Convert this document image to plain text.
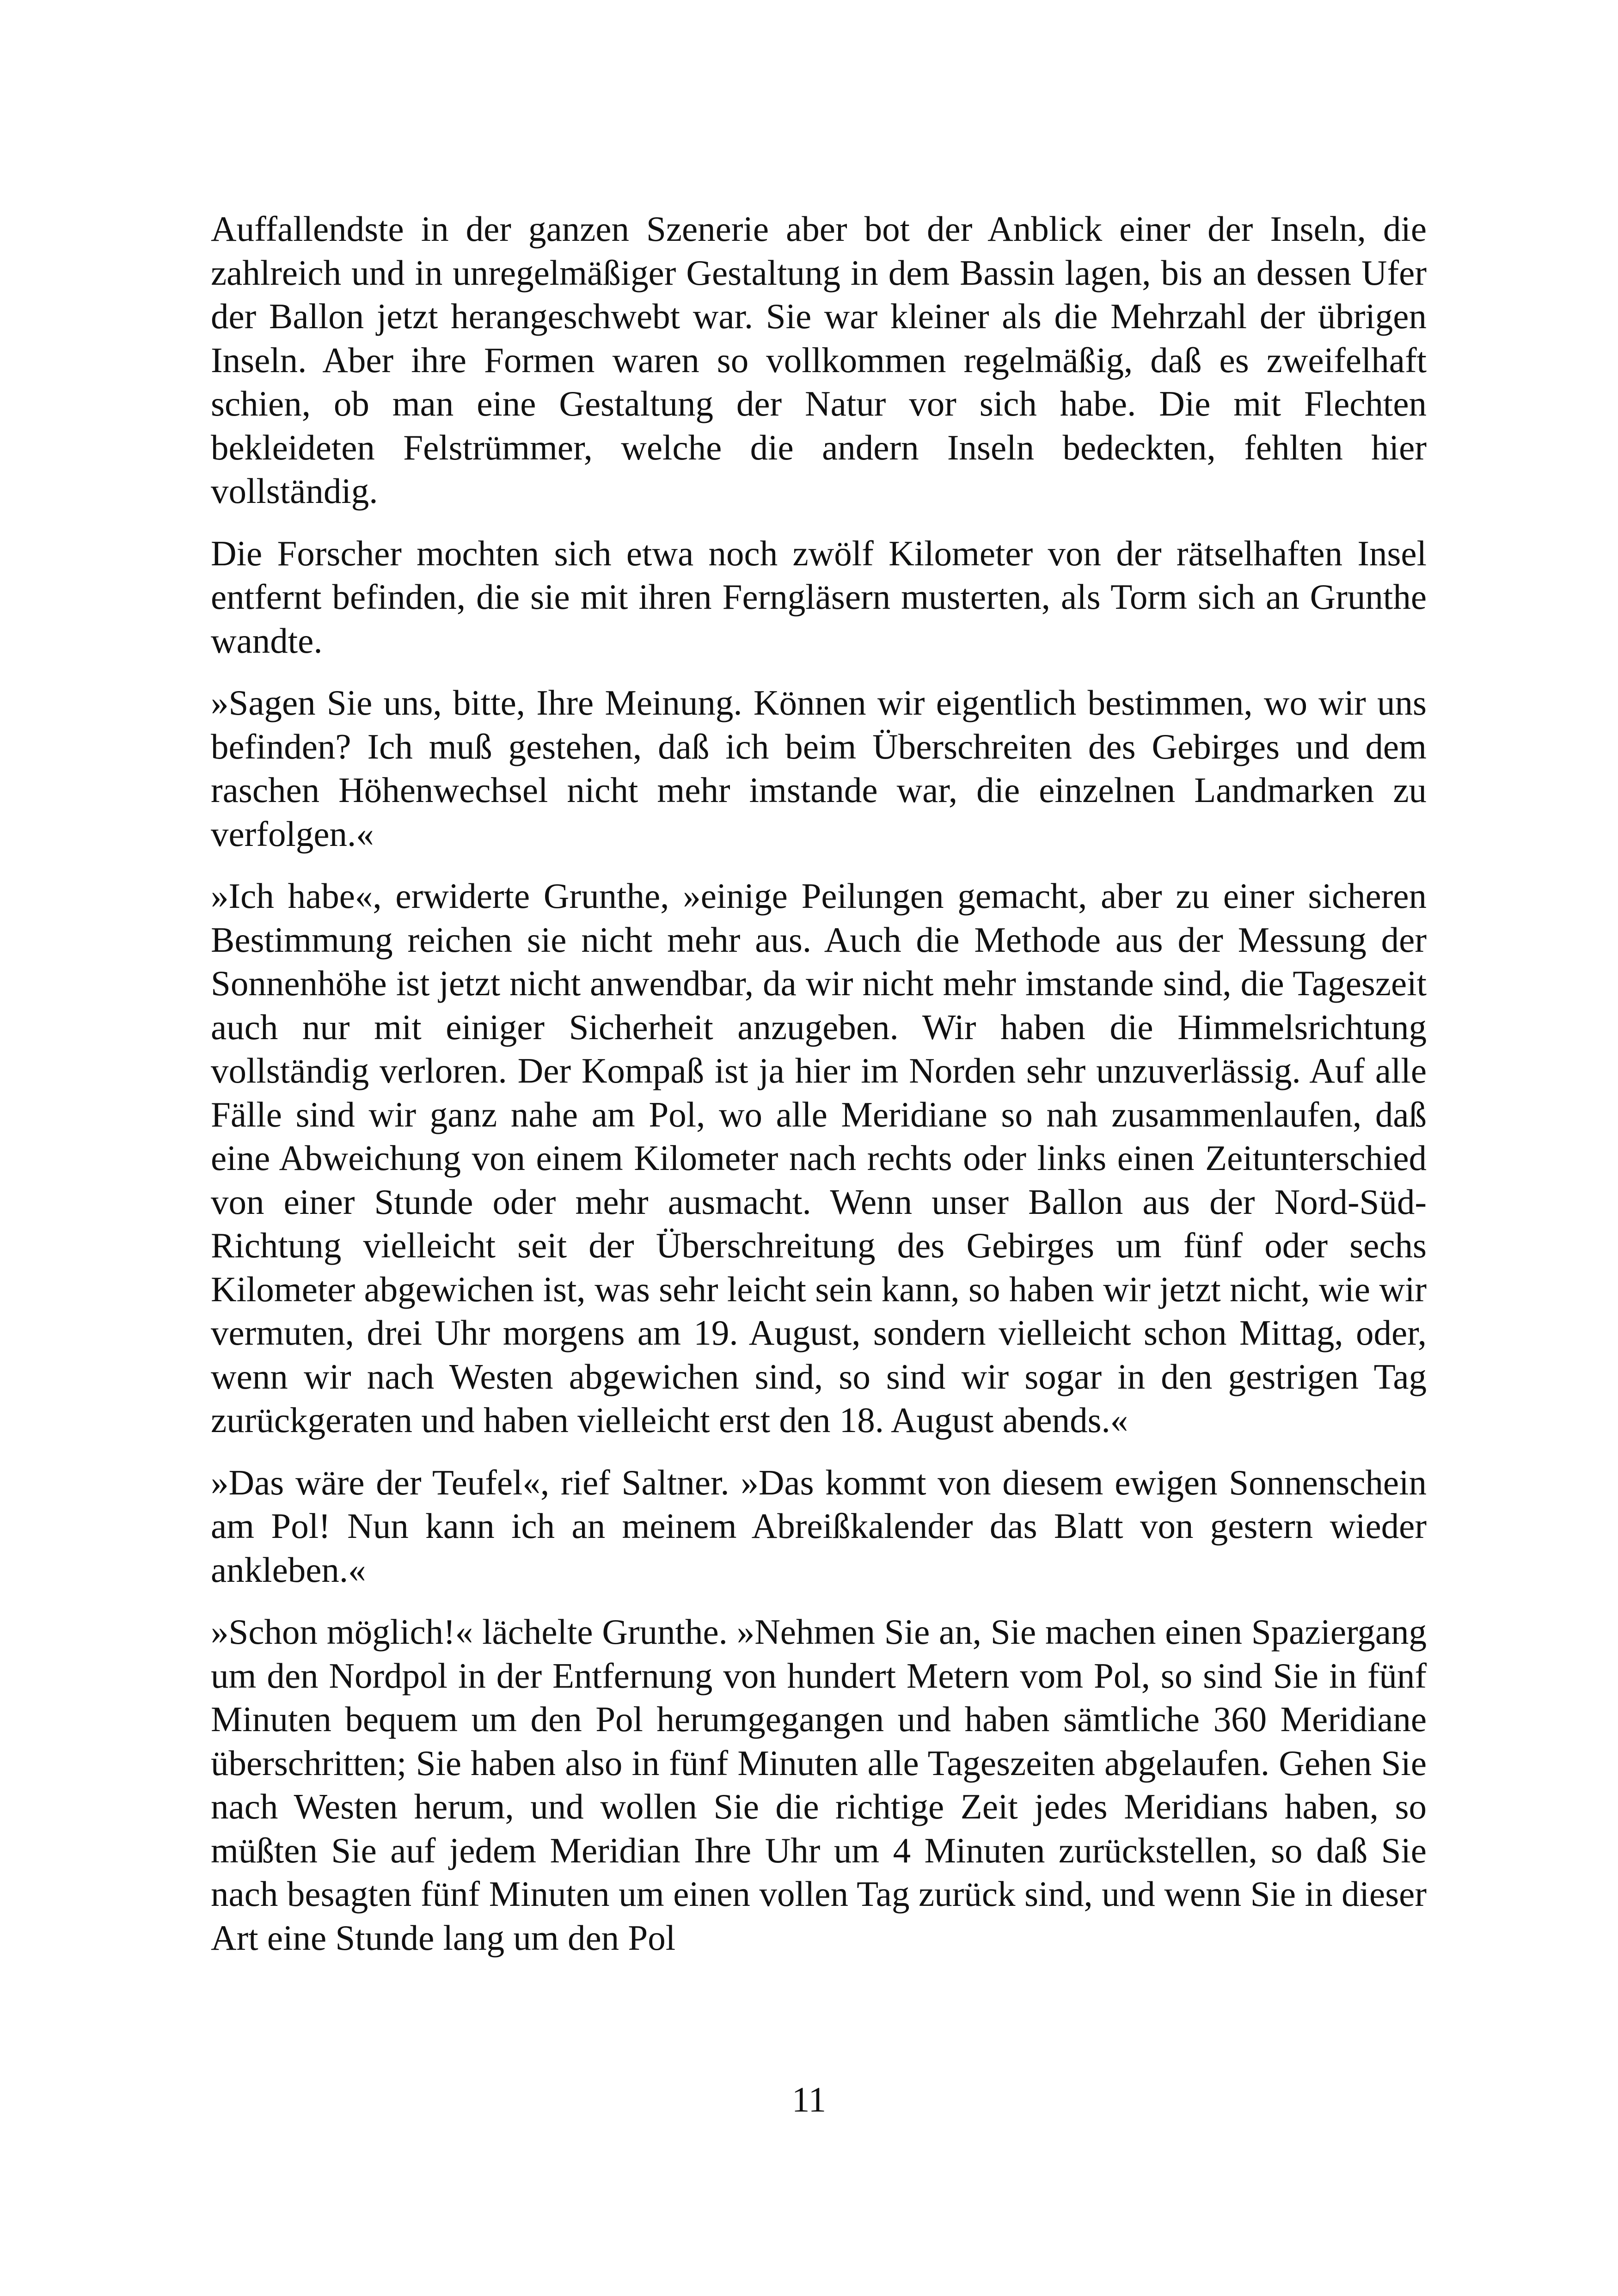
Auffallendste in der ganzen Szenerie aber bot der Anblick einer der Inseln, die zahlreich und in unregelmäßiger Gestaltung in dem Bassin lagen, bis an dessen Ufer der Ballon jetzt herangeschwebt war. Sie war kleiner als die Mehrzahl der übrigen Inseln. Aber ihre Formen waren so vollkommen regelmäßig, daß es zweifelhaft schien, ob man eine Gestaltung der Natur vor sich habe. Die mit Flechten bekleideten Felstrümmer, welche die andern Inseln bedeckten, fehlten hier vollständig.

Die Forscher mochten sich etwa noch zwölf Kilometer von der rätselhaften Insel entfernt befinden, die sie mit ihren Ferngläsern musterten, als Torm sich an Grunthe wandte.

»Sagen Sie uns, bitte, Ihre Meinung. Können wir eigentlich bestimmen, wo wir uns befinden? Ich muß gestehen, daß ich beim Überschreiten des Gebirges und dem raschen Höhenwechsel nicht mehr imstande war, die einzelnen Landmarken zu verfolgen.«

»Ich habe«, erwiderte Grunthe, »einige Peilungen gemacht, aber zu einer sicheren Bestimmung reichen sie nicht mehr aus. Auch die Methode aus der Messung der Sonnenhöhe ist jetzt nicht anwendbar, da wir nicht mehr imstande sind, die Tageszeit auch nur mit einiger Sicherheit anzugeben. Wir haben die Himmelsrichtung vollständig verloren. Der Kompaß ist ja hier im Norden sehr unzuverlässig. Auf alle Fälle sind wir ganz nahe am Pol, wo alle Meridiane so nah zusammenlaufen, daß eine Abweichung von einem Kilometer nach rechts oder links einen Zeitunterschied von einer Stunde oder mehr ausmacht. Wenn unser Ballon aus der Nord-Süd-Richtung vielleicht seit der Überschreitung des Gebirges um fünf oder sechs Kilometer abgewichen ist, was sehr leicht sein kann, so haben wir jetzt nicht, wie wir vermuten, drei Uhr morgens am 19. August, sondern vielleicht schon Mittag, oder, wenn wir nach Westen abgewichen sind, so sind wir sogar in den gestrigen Tag zurückgeraten und haben vielleicht erst den 18. August abends.«

»Das wäre der Teufel«, rief Saltner. »Das kommt von diesem ewigen Sonnenschein am Pol! Nun kann ich an meinem Abreißkalender das Blatt von gestern wieder ankleben.«

»Schon möglich!« lächelte Grunthe. »Nehmen Sie an, Sie machen einen Spaziergang um den Nordpol in der Entfernung von hundert Metern vom Pol, so sind Sie in fünf Minuten bequem um den Pol herumgegangen und haben sämtliche 360 Meridiane überschritten; Sie haben also in fünf Minuten alle Tageszeiten abgelaufen. Gehen Sie nach Westen herum, und wollen Sie die richtige Zeit jedes Meridians haben, so müßten Sie auf jedem Meridian Ihre Uhr um 4 Minuten zurückstellen, so daß Sie nach besagten fünf Minuten um einen vollen Tag zurück sind, und wenn Sie in dieser Art eine Stunde lang um den Pol

11
